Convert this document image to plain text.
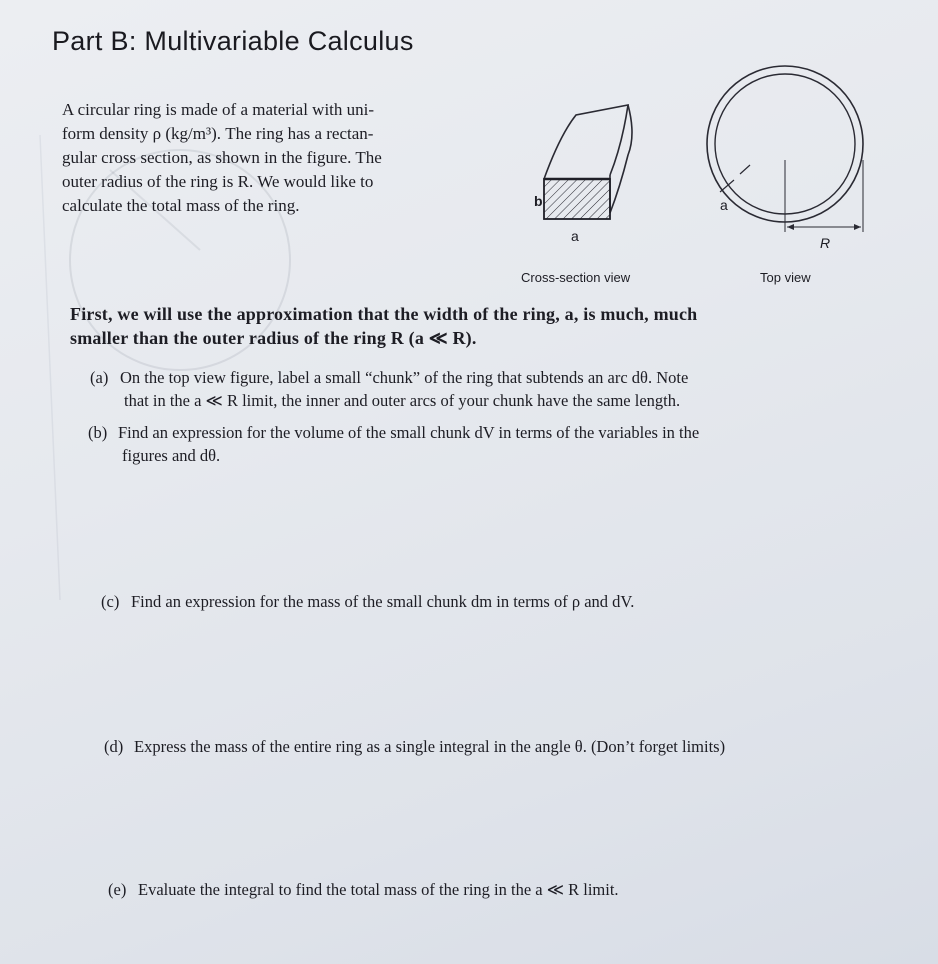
Part B: Multivariable Calculus
A circular ring is made of a material with uni-
form density ρ (kg/m³). The ring has a rectan-
gular cross section, as shown in the figure. The
outer radius of the ring is R. We would like to
calculate the total mass of the ring.	b
a
a
R
Cross-section view	Top view
First, we will use the approximation that the width of the ring, a, is much, much
smaller than the outer radius of the ring R (a ≪ R).
(a) On the top view figure, label a small “chunk” of the ring that subtends an arc dθ. Note
that in the a ≪ R limit, the inner and outer arcs of your chunk have the same length.
(b) Find an expression for the volume of the small chunk dV in terms of the variables in the
figures and dθ.
(c) Find an expression for the mass of the small chunk dm in terms of ρ and dV.
(d) Express the mass of the entire ring as a single integral in the angle θ. (Don’t forget limits)
(e) Evaluate the integral to find the total mass of the ring in the a ≪ R limit.
